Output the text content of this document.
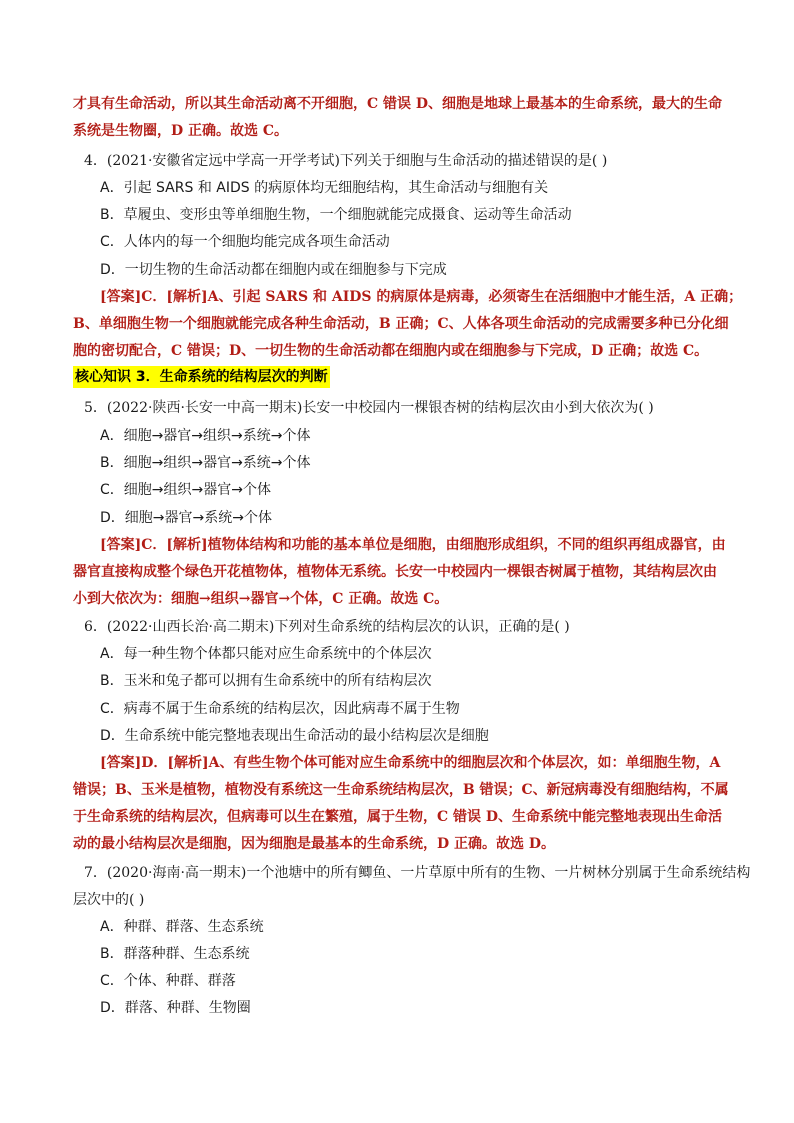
才具有生命活动，所以其生命活动离不开细胞，C 错误 D、细胞是地球上最基本的生命系统，最大的生命
系统是生物圈，D 正确。故选 C。
4．(2021·安徽省定远中学高一开学考试)下列关于细胞与生命活动的描述错误的是( )
A．引起 SARS 和 AIDS 的病原体均无细胞结构，其生命活动与细胞有关
B．草履虫、变形虫等单细胞生物，一个细胞就能完成摄食、运动等生命活动
C．人体内的每一个细胞均能完成各项生命活动
D．一切生物的生命活动都在细胞内或在细胞参与下完成
[答案]C．[解析]A、引起 SARS 和 AIDS 的病原体是病毒，必须寄生在活细胞中才能生活，A 正确；
B、单细胞生物一个细胞就能完成各种生命活动，B 正确；C、人体各项生命活动的完成需要多种已分化细
胞的密切配合，C 错误；D、一切生物的生命活动都在细胞内或在细胞参与下完成，D 正确；故选 C。
核心知识 3．生命系统的结构层次的判断
5．(2022·陕西·长安一中高一期末)长安一中校园内一棵银杏树的结构层次由小到大依次为( )
A．细胞→器官→组织→系统→个体
B．细胞→组织→器官→系统→个体
C．细胞→组织→器官→个体
D．细胞→器官→系统→个体
[答案]C．[解析]植物体结构和功能的基本单位是细胞，由细胞形成组织，不同的组织再组成器官，由
器官直接构成整个绿色开花植物体，植物体无系统。长安一中校园内一棵银杏树属于植物，其结构层次由
小到大依次为：细胞→组织→器官→个体，C 正确。故选 C。
6．(2022·山西长治·高二期末)下列对生命系统的结构层次的认识，正确的是( )
A．每一种生物个体都只能对应生命系统中的个体层次
B．玉米和兔子都可以拥有生命系统中的所有结构层次
C．病毒不属于生命系统的结构层次，因此病毒不属于生物
D．生命系统中能完整地表现出生命活动的最小结构层次是细胞
[答案]D．[解析]A、有些生物个体可能对应生命系统中的细胞层次和个体层次，如：单细胞生物，A
错误；B、玉米是植物，植物没有系统这一生命系统结构层次，B 错误；C、新冠病毒没有细胞结构，不属
于生命系统的结构层次，但病毒可以生在繁殖，属于生物，C 错误 D、生命系统中能完整地表现出生命活
动的最小结构层次是细胞，因为细胞是最基本的生命系统，D 正确。故选 D。
7．(2020·海南·高一期末)一个池塘中的所有鲫鱼、一片草原中所有的生物、一片树林分别属于生命系统结构
层次中的( )
A．种群、群落、生态系统
B．群落种群、生态系统
C．个体、种群、群落
D．群落、种群、生物圈
